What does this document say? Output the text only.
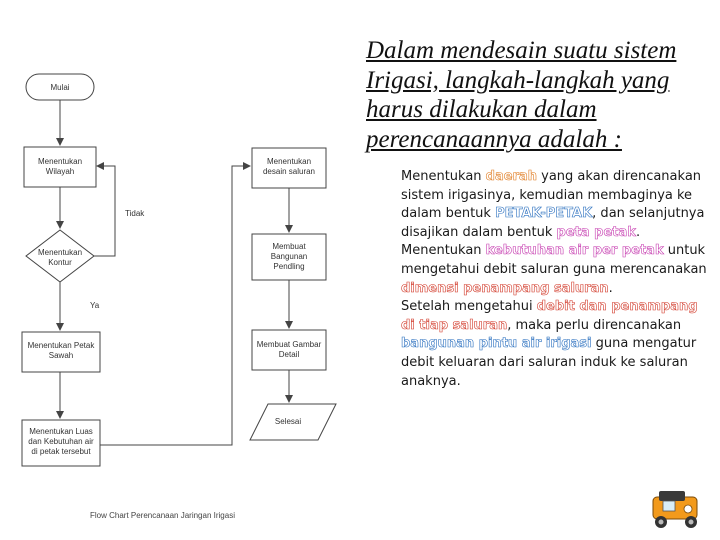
Mulai
Menentukan
Wilayah
Menentukan
Kontur
Tidak
Ya
Menentukan Petak
Sawah
Menentukan Luas
dan Kebutuhan air
di petak tersebut
Menentukan
desain saluran
Membuat
Bangunan
Pendling
Membuat Gambar
Detail
Selesai
Flow Chart Perencanaan Jaringan Irigasi
Dalam mendesain suatu sistem Irigasi, langkah-langkah yang harus dilakukan dalam perencanaannya adalah :
Menentukan daerah yang akan direncanakan sistem irigasinya, kemudian membaginya ke dalam bentuk PETAK-PETAK, dan selanjutnya disajikan dalam bentuk peta petak.
Menentukan kebutuhan air per petak untuk mengetahui debit saluran guna merencanakan dimensi penampang saluran.
Setelah mengetahui debit dan penampang di tiap saluran, maka perlu direncanakan bangunan pintu air irigasi guna mengatur debit keluaran dari saluran induk ke saluran anaknya.
